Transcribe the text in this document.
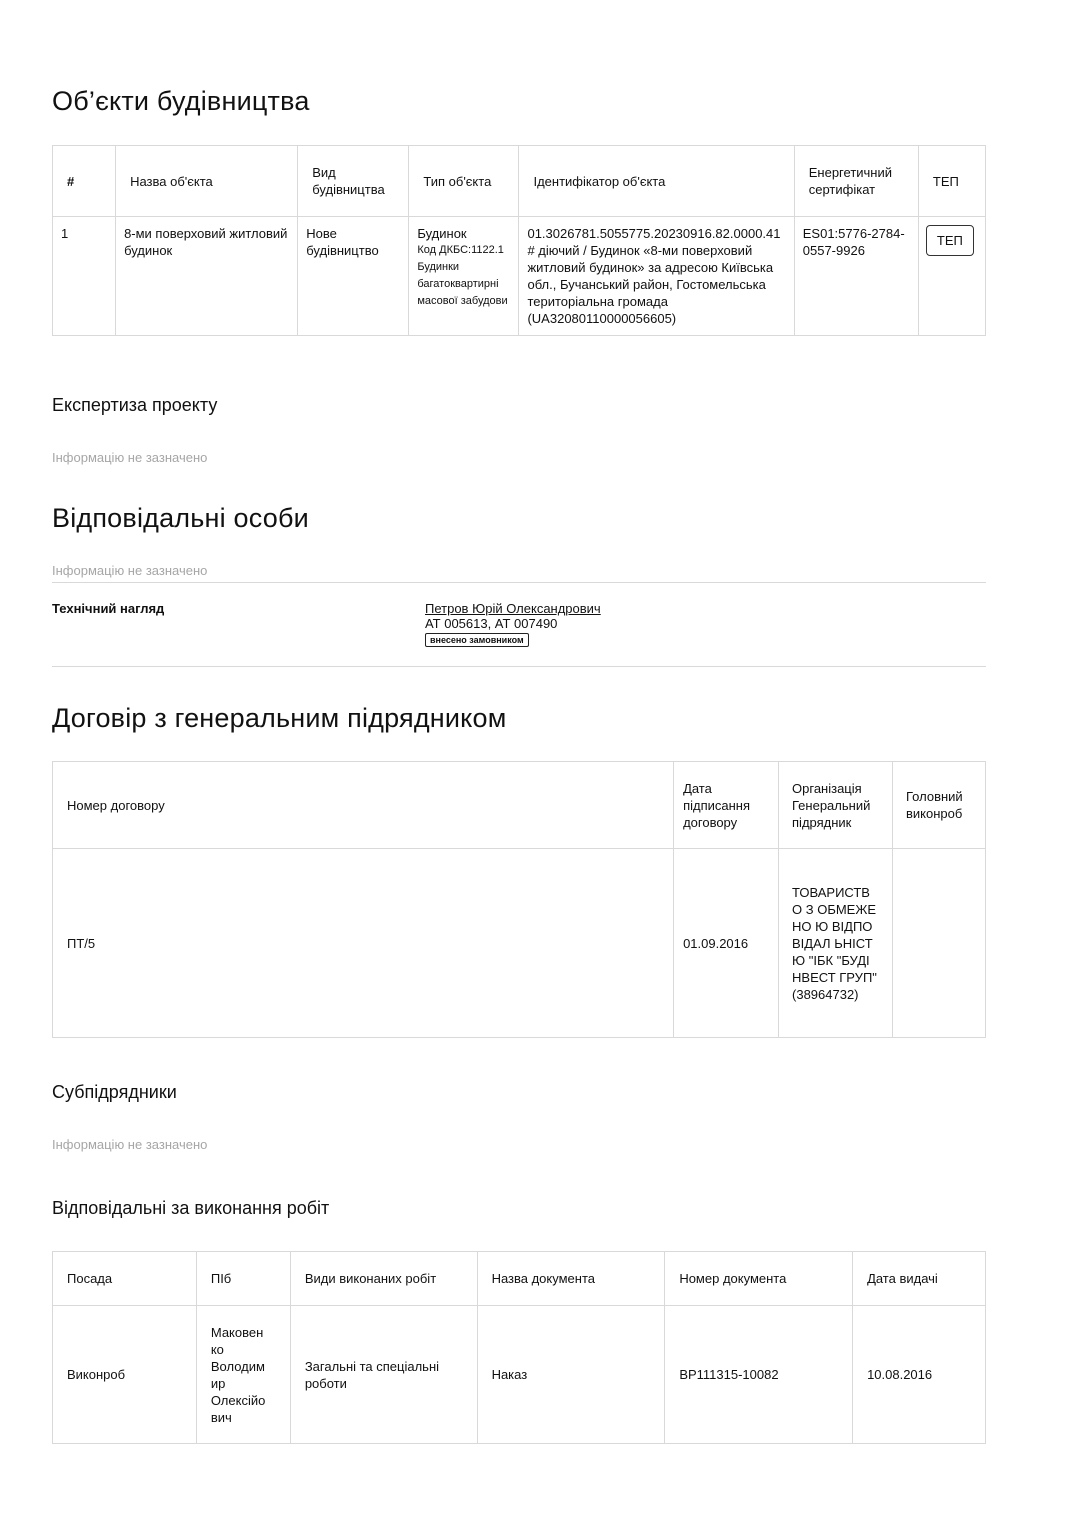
Об’єкти будівництва
#	Назва об'єкта	Вид будівництва	Тип об'єкта	Ідентифікатор об'єкта	Енергетичний сертифікат	ТЕП
1	8-ми поверховий житловий будинок	Нове будівництво	Будинок
Код ДКБС:1122.1 Будинки багатоквартирні масової забудови	01.3026781.5055775.20230916.82.0000.41 # діючий / Будинок «8-ми поверховий житловий будинок» за адресою Київська обл., Бучанський район, Гостомельська територіальна громада (UA32080110000056605)	ES01:5776-2784-0557-9926	ТЕП
Експертиза проекту
Інформацію не зазначено
Відповідальні особи
Інформацію не зазначено
Технічний нагляд	Петров Юрій Олександрович
АТ 005613, АТ 007490
внесено замовником
Договір з генеральним підрядником
Номер договору	Дата підписання договору	Організація Генеральний підрядник	Головний виконроб
ПТ/5	01.09.2016	ТОВАРИСТВ О З ОБМЕЖЕНО Ю ВІДПОВІДАЛ ЬНІСТЮ "ІБК "БУДІНВЕСТ ГРУП" (38964732)	
Субпідрядники
Інформацію не зазначено
Відповідальні за виконання робіт
Посада	ПІб	Види виконаних робіт	Назва документа	Номер документа	Дата видачі
Виконроб	Маковен ко Володим ир Олексійо вич	Загальні та спеціальні роботи	Наказ	ВР111315-10082	10.08.2016
